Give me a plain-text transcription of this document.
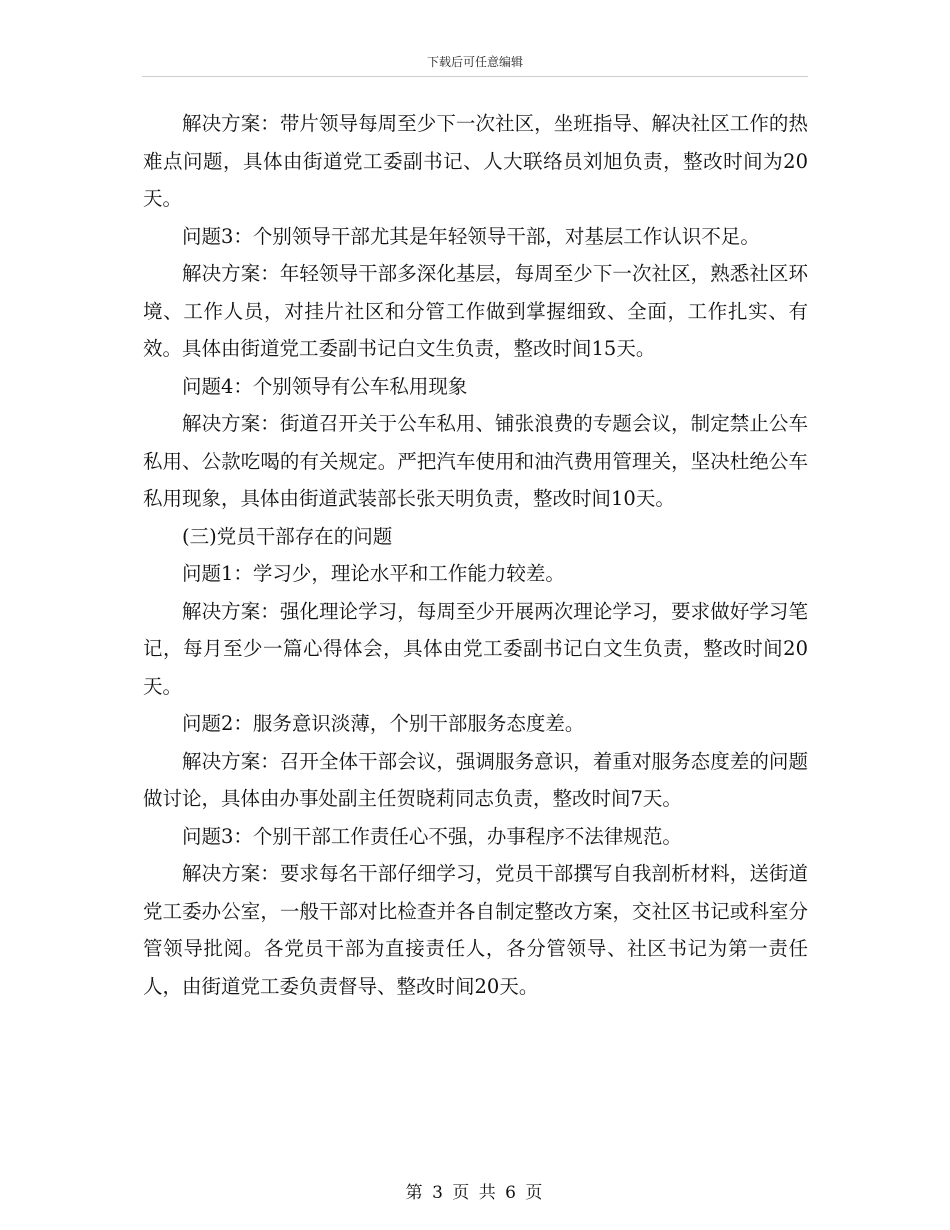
下载后可任意编辑

解决方案：带片领导每周至少下一次社区，坐班指导、解决社区工作的热难点问题，具体由街道党工委副书记、人大联络员刘旭负责，整改时间为20天。

问题3：个别领导干部尤其是年轻领导干部，对基层工作认识不足。

解决方案：年轻领导干部多深化基层，每周至少下一次社区，熟悉社区环境、工作人员，对挂片社区和分管工作做到掌握细致、全面，工作扎实、有效。具体由街道党工委副书记白文生负责，整改时间15天。

问题4：个别领导有公车私用现象

解决方案：街道召开关于公车私用、铺张浪费的专题会议，制定禁止公车私用、公款吃喝的有关规定。严把汽车使用和油汽费用管理关，坚决杜绝公车私用现象，具体由街道武装部长张天明负责，整改时间10天。

(三)党员干部存在的问题

问题1：学习少，理论水平和工作能力较差。

解决方案：强化理论学习，每周至少开展两次理论学习，要求做好学习笔记，每月至少一篇心得体会，具体由党工委副书记白文生负责，整改时间20天。

问题2：服务意识淡薄，个别干部服务态度差。

解决方案：召开全体干部会议，强调服务意识，着重对服务态度差的问题做讨论，具体由办事处副主任贺晓莉同志负责，整改时间7天。

问题3：个别干部工作责任心不强，办事程序不法律规范。

解决方案：要求每名干部仔细学习，党员干部撰写自我剖析材料，送街道党工委办公室，一般干部对比检查并各自制定整改方案，交社区书记或科室分管领导批阅。各党员干部为直接责任人，各分管领导、社区书记为第一责任人，由街道党工委负责督导、整改时间20天。

第 3 页 共 6 页
